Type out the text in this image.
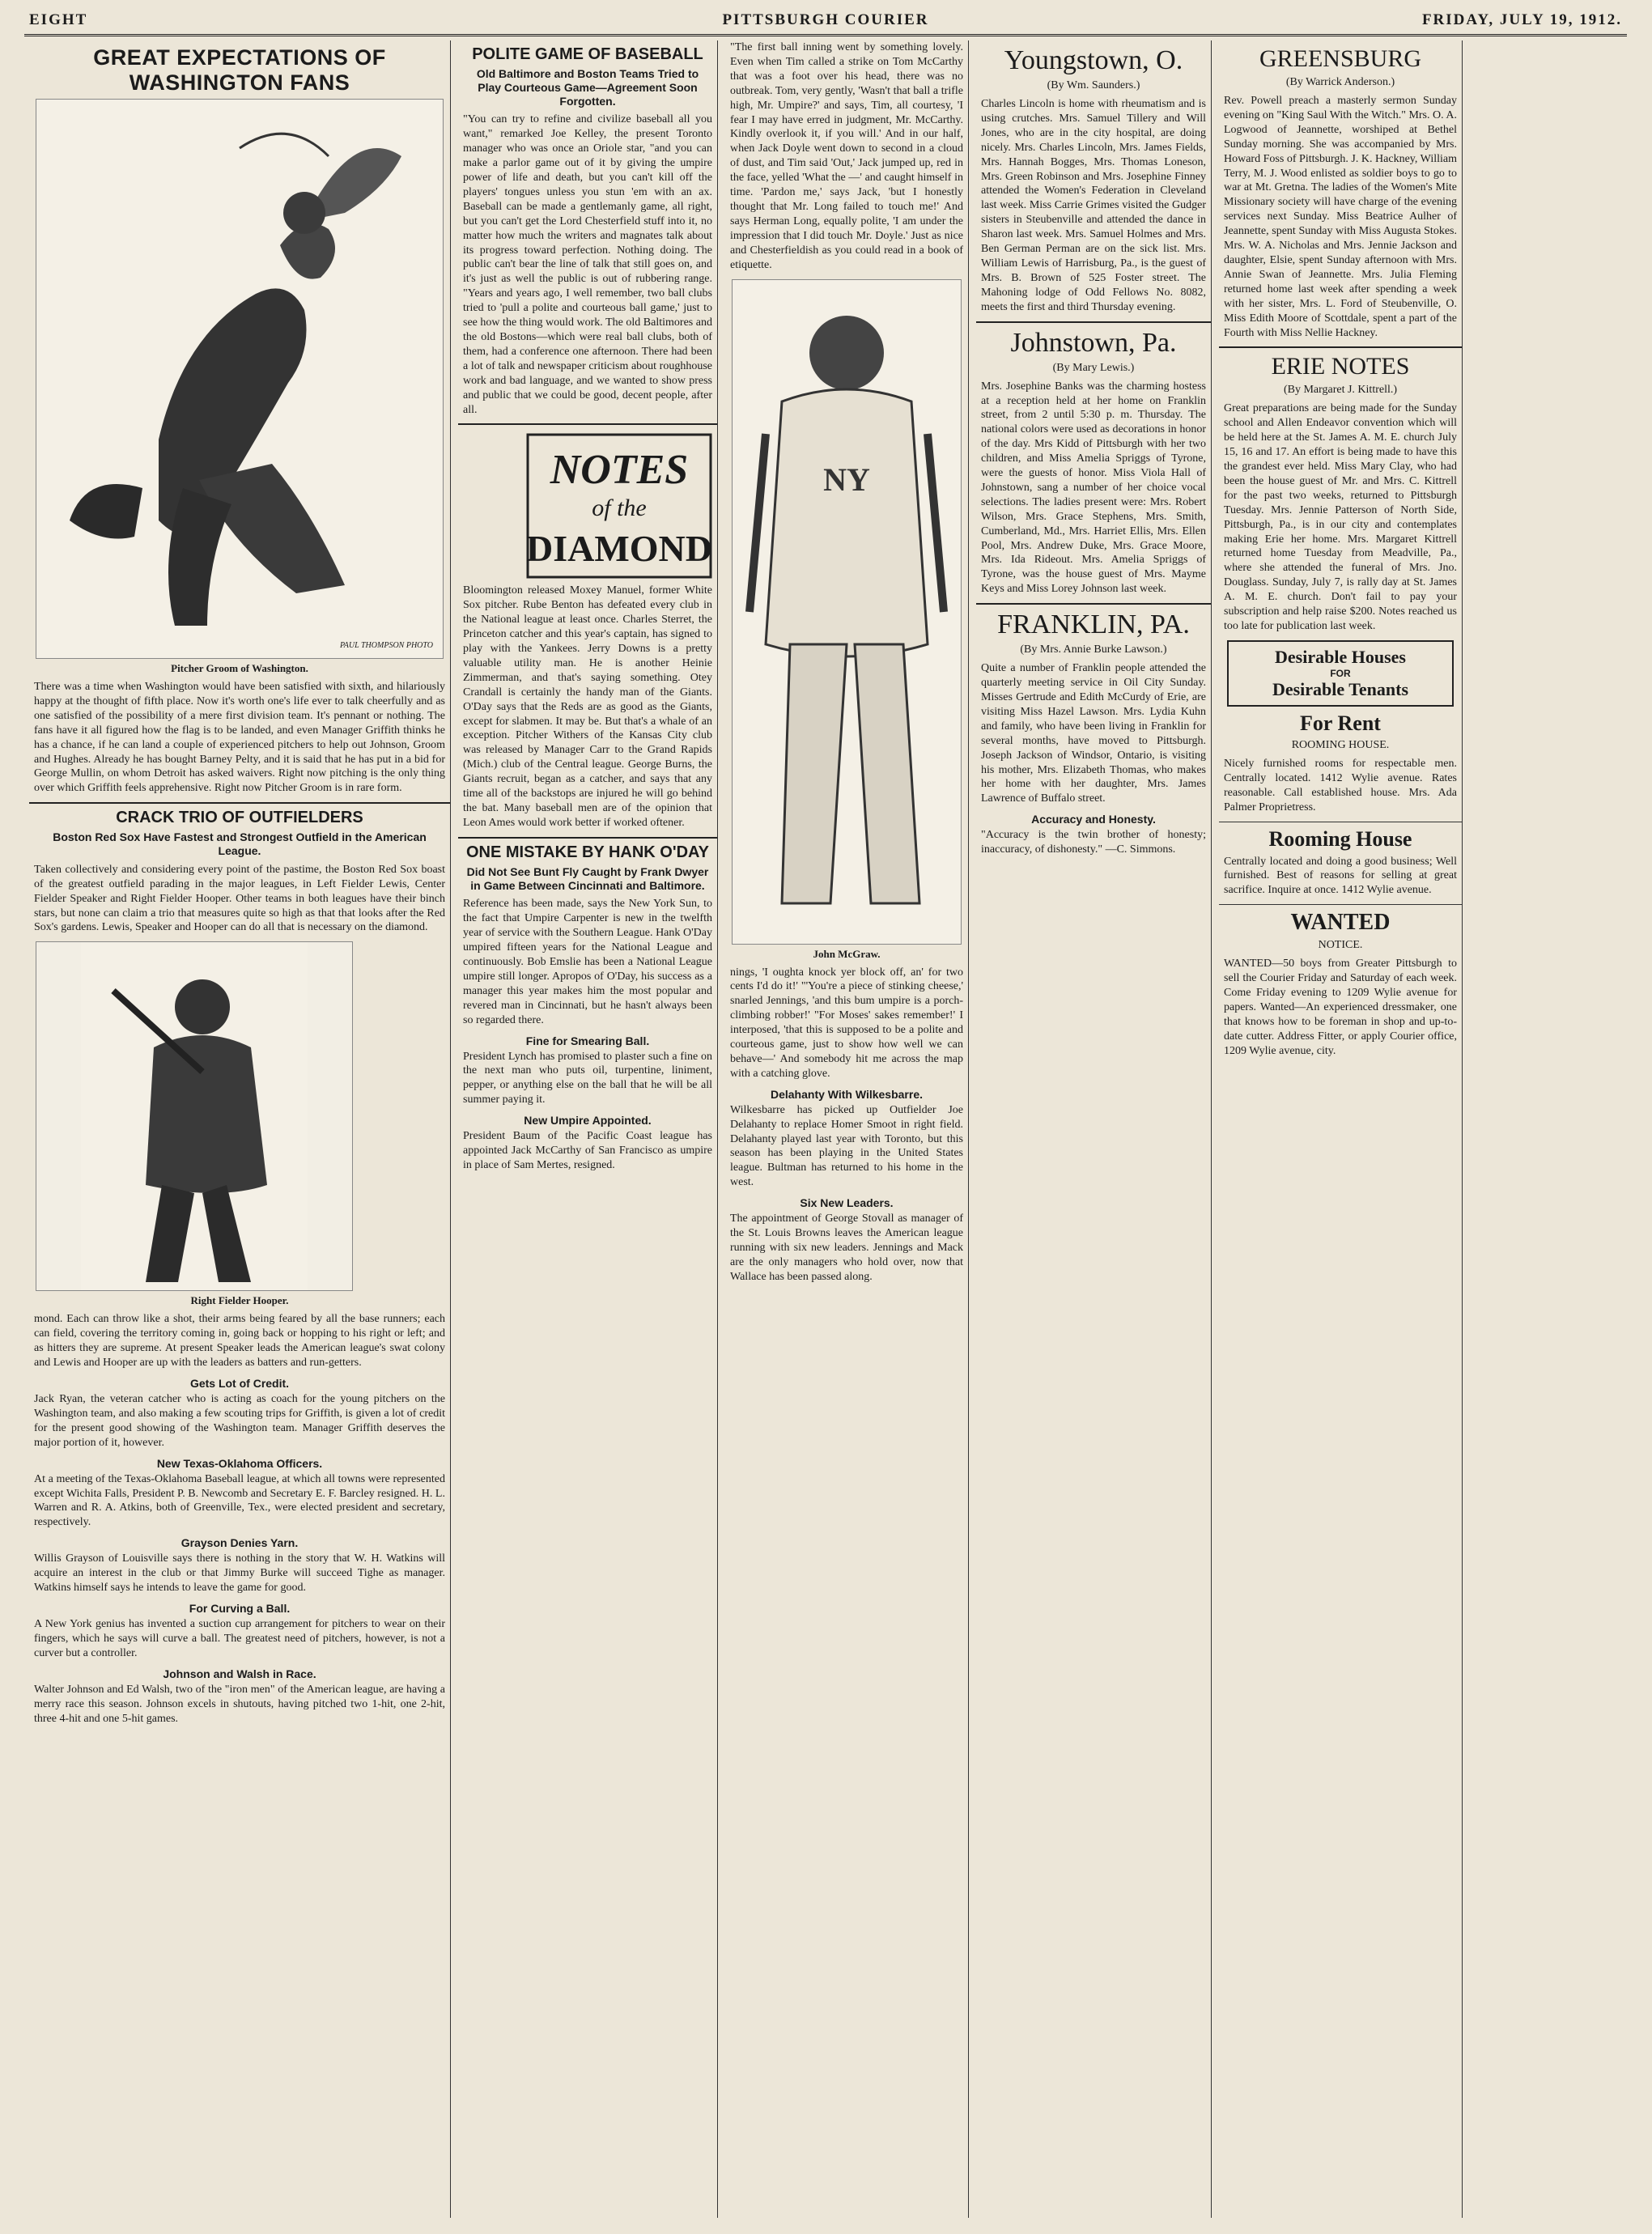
EIGHT	PITTSBURGH COURIER	FRIDAY, JULY 19, 1912.
GREAT EXPECTATIONS OF WASHINGTON FANS
PAUL THOMPSON PHOTO
Pitcher Groom of Washington.
There was a time when Washington would have been satisfied with sixth, and hilariously happy at the thought of fifth place. Now it's worth one's life ever to talk cheerfully and as one satisfied of the possibility of a mere first division team. It's pennant or nothing. The fans have it all figured how the flag is to be landed, and even Manager Griffith thinks he has a chance, if he can land a couple of experienced pitchers to help out Johnson, Groom and Hughes. Already he has bought Barney Pelty, and it is said that he has put in a bid for George Mullin, on whom Detroit has asked waivers. Right now pitching is the only thing over which Griffith feels apprehensive. Right now Pitcher Groom is in rare form.
CRACK TRIO OF OUTFIELDERS
Boston Red Sox Have Fastest and Strongest Outfield in the American League.
Taken collectively and considering every point of the pastime, the Boston Red Sox boast of the greatest outfield parading in the major leagues, in Left Fielder Lewis, Center Fielder Speaker and Right Fielder Hooper. Other teams in both leagues have their binch stars, but none can claim a trio that measures quite so high as that that looks after the Red Sox's gardens. Lewis, Speaker and Hooper can do all that is necessary on the diamond.
Right Fielder Hooper.
mond. Each can throw like a shot, their arms being feared by all the base runners; each can field, covering the territory coming in, going back or hopping to his right or left; and as hitters they are supreme. At present Speaker leads the American league's swat colony and Lewis and Hooper are up with the leaders as batters and run-getters.
Gets Lot of Credit.
Jack Ryan, the veteran catcher who is acting as coach for the young pitchers on the Washington team, and also making a few scouting trips for Griffith, is given a lot of credit for the present good showing of the Washington team. Manager Griffith deserves the major portion of it, however.
New Texas-Oklahoma Officers.
At a meeting of the Texas-Oklahoma Baseball league, at which all towns were represented except Wichita Falls, President P. B. Newcomb and Secretary E. F. Barcley resigned. H. L. Warren and R. A. Atkins, both of Greenville, Tex., were elected president and secretary, respectively.
Grayson Denies Yarn.
Willis Grayson of Louisville says there is nothing in the story that W. H. Watkins will acquire an interest in the club or that Jimmy Burke will succeed Tighe as manager. Watkins himself says he intends to leave the game for good.
For Curving a Ball.
A New York genius has invented a suction cup arrangement for pitchers to wear on their fingers, which he says will curve a ball. The greatest need of pitchers, however, is not a curver but a controller.
Johnson and Walsh in Race.
Walter Johnson and Ed Walsh, two of the "iron men" of the American league, are having a merry race this season. Johnson excels in shutouts, having pitched two 1-hit, one 2-hit, three 4-hit and one 5-hit games.
POLITE GAME OF BASEBALL
Old Baltimore and Boston Teams Tried to Play Courteous Game—Agreement Soon Forgotten.
"You can try to refine and civilize baseball all you want," remarked Joe Kelley, the present Toronto manager who was once an Oriole star, "and you can make a parlor game out of it by giving the umpire power of life and death, but you can't kill off the players' tongues unless you stun 'em with an ax. Baseball can be made a gentlemanly game, all right, but you can't get the Lord Chesterfield stuff into it, no matter how much the writers and magnates talk about its progress toward perfection. Nothing doing. The public can't bear the line of talk that still goes on, and it's just as well the public is out of rubbering range. "Years and years ago, I well remember, two ball clubs tried to 'pull a polite and courteous ball game,' just to see how the thing would work. The old Baltimores and the old Bostons—which were real ball clubs, both of them, had a conference one afternoon. There had been a lot of talk and newspaper criticism about roughhouse work and bad language, and we wanted to show press and public that we could be good, decent people, after all.
NOTES
of the
DIAMOND
Bloomington released Moxey Manuel, former White Sox pitcher. Rube Benton has defeated every club in the National league at least once. Charles Sterret, the Princeton catcher and this year's captain, has signed to play with the Yankees. Jerry Downs is a pretty valuable utility man. He is another Heinie Zimmerman, and that's saying something. Otey Crandall is certainly the handy man of the Giants. O'Day says that the Reds are as good as the Giants, except for slabmen. It may be. But that's a whale of an exception. Pitcher Withers of the Kansas City club was released by Manager Carr to the Grand Rapids (Mich.) club of the Central league. George Burns, the Giants recruit, began as a catcher, and says that any time all of the backstops are injured he will go behind the bat. Many baseball men are of the opinion that Leon Ames would work better if worked oftener.
ONE MISTAKE BY HANK O'DAY
Did Not See Bunt Fly Caught by Frank Dwyer in Game Between Cincinnati and Baltimore.
Reference has been made, says the New York Sun, to the fact that Umpire Carpenter is new in the twelfth year of service with the Southern League. Hank O'Day umpired fifteen years for the National League and continuously. Bob Emslie has been a National League umpire still longer. Apropos of O'Day, his success as a manager this year makes him the most popular and revered man in Cincinnati, but he hasn't always been so regarded there.
Fine for Smearing Ball.
President Lynch has promised to plaster such a fine on the next man who puts oil, turpentine, liniment, pepper, or anything else on the ball that he will be all summer paying it.
New Umpire Appointed.
President Baum of the Pacific Coast league has appointed Jack McCarthy of San Francisco as umpire in place of Sam Mertes, resigned.
"The first ball inning went by something lovely. Even when Tim called a strike on Tom McCarthy that was a foot over his head, there was no outbreak. Tom, very gently, 'Wasn't that ball a trifle high, Mr. Umpire?' and says, Tim, all courtesy, 'I fear I may have erred in judgment, Mr. McCarthy. Kindly overlook it, if you will.' And in our half, when Jack Doyle went down to second in a cloud of dust, and Tim said 'Out,' Jack jumped up, red in the face, yelled 'What the —' and caught himself in time. 'Pardon me,' says Jack, 'but I honestly thought that Mr. Long failed to touch me!' And says Herman Long, equally polite, 'I am under the impression that I did touch Mr. Doyle.' Just as nice and Chesterfieldish as you could read in a book of etiquette.
NY
John McGraw.
nings, 'I oughta knock yer block off, an' for two cents I'd do it!' "'You're a piece of stinking cheese,' snarled Jennings, 'and this bum umpire is a porch-climbing robber!' "For Moses' sakes remember!' I interposed, 'that this is supposed to be a polite and courteous game, just to show how well we can behave—' And somebody hit me across the map with a catching glove.
Delahanty With Wilkesbarre.
Wilkesbarre has picked up Outfielder Joe Delahanty to replace Homer Smoot in right field. Delahanty played last year with Toronto, but this season has been playing in the United States league. Bultman has returned to his home in the west.
Six New Leaders.
The appointment of George Stovall as manager of the St. Louis Browns leaves the American league running with six new leaders. Jennings and Mack are the only managers who hold over, now that Wallace has been passed along.
Youngstown, O.
(By Wm. Saunders.)
Charles Lincoln is home with rheumatism and is using crutches. Mrs. Samuel Tillery and Will Jones, who are in the city hospital, are doing nicely. Mrs. Charles Lincoln, Mrs. James Fields, Mrs. Hannah Bogges, Mrs. Thomas Loneson, Mrs. Green Robinson and Mrs. Josephine Finney attended the Women's Federation in Cleveland last week. Miss Carrie Grimes visited the Gudger sisters in Steubenville and attended the dance in Sharon last week. Mrs. Samuel Holmes and Mrs. Ben German Perman are on the sick list. Mrs. William Lewis of Harrisburg, Pa., is the guest of Mrs. B. Brown of 525 Foster street. The Mahoning lodge of Odd Fellows No. 8082, meets the first and third Thursday evening.
Johnstown, Pa.
(By Mary Lewis.)
Mrs. Josephine Banks was the charming hostess at a reception held at her home on Franklin street, from 2 until 5:30 p. m. Thursday. The national colors were used as decorations in honor of the day. Mrs Kidd of Pittsburgh with her two children, and Miss Amelia Spriggs of Tyrone, were the guests of honor. Miss Viola Hall of Johnstown, sang a number of her choice vocal selections. The ladies present were: Mrs. Robert Wilson, Mrs. Grace Stephens, Mrs. Smith, Cumberland, Md., Mrs. Harriet Ellis, Mrs. Ellen Pool, Mrs. Andrew Duke, Mrs. Grace Moore, Mrs. Ida Rideout. Mrs. Amelia Spriggs of Tyrone, was the house guest of Mrs. Mayme Keys and Miss Lorey Johnson last week.
FRANKLIN, PA.
(By Mrs. Annie Burke Lawson.)
Quite a number of Franklin people attended the quarterly meeting service in Oil City Sunday. Misses Gertrude and Edith McCurdy of Erie, are visiting Miss Hazel Lawson. Mrs. Lydia Kuhn and family, who have been living in Franklin for several months, have moved to Pittsburgh. Joseph Jackson of Windsor, Ontario, is visiting his mother, Mrs. Elizabeth Thomas, who makes her home with her daughter, Mrs. James Lawrence of Buffalo street.
Accuracy and Honesty.
"Accuracy is the twin brother of honesty; inaccuracy, of dishonesty." —C. Simmons.
GREENSBURG
(By Warrick Anderson.)
Rev. Powell preach a masterly sermon Sunday evening on "King Saul With the Witch." Mrs. O. A. Logwood of Jeannette, worshiped at Bethel Sunday morning. She was accompanied by Mrs. Howard Foss of Pittsburgh. J. K. Hackney, William Terry, M. J. Wood enlisted as soldier boys to go to war at Mt. Gretna. The ladies of the Women's Mite Missionary society will have charge of the evening services next Sunday. Miss Beatrice Aulher of Jeannette, spent Sunday with Miss Augusta Stokes. Mrs. W. A. Nicholas and Mrs. Jennie Jackson and daughter, Elsie, spent Sunday afternoon with Mrs. Annie Swan of Jeannette. Mrs. Julia Fleming returned home last week after spending a week with her sister, Mrs. L. Ford of Steubenville, O. Miss Edith Moore of Scottdale, spent a part of the Fourth with Miss Nellie Hackney.
ERIE NOTES
(By Margaret J. Kittrell.)
Great preparations are being made for the Sunday school and Allen Endeavor convention which will be held here at the St. James A. M. E. church July 15, 16 and 17. An effort is being made to have this the grandest ever held. Miss Mary Clay, who had been the house guest of Mr. and Mrs. C. Kittrell for the past two weeks, returned to Pittsburgh Tuesday. Mrs. Jennie Patterson of North Side, Pittsburgh, Pa., is in our city and contemplates making Erie her home. Mrs. Margaret Kittrell returned home Tuesday from Meadville, Pa., where she attended the funeral of Mrs. Jno. Douglass. Sunday, July 7, is rally day at St. James A. M. E. church. Don't fail to pay your subscription and help raise $200. Notes reached us too late for publication last week.
Desirable Houses
FOR
Desirable Tenants
For Rent
ROOMING HOUSE.
Nicely furnished rooms for respectable men. Centrally located. 1412 Wylie avenue. Rates reasonable. Call established house. Mrs. Ada Palmer Proprietress.
Rooming House
Centrally located and doing a good business; Well furnished. Best of reasons for selling at great sacrifice. Inquire at once. 1412 Wylie avenue.
WANTED
NOTICE.
WANTED—50 boys from Greater Pittsburgh to sell the Courier Friday and Saturday of each week. Come Friday evening to 1209 Wylie avenue for papers. Wanted—An experienced dressmaker, one that knows how to be foreman in shop and up-to-date cutter. Address Fitter, or apply Courier office, 1209 Wylie avenue, city.
